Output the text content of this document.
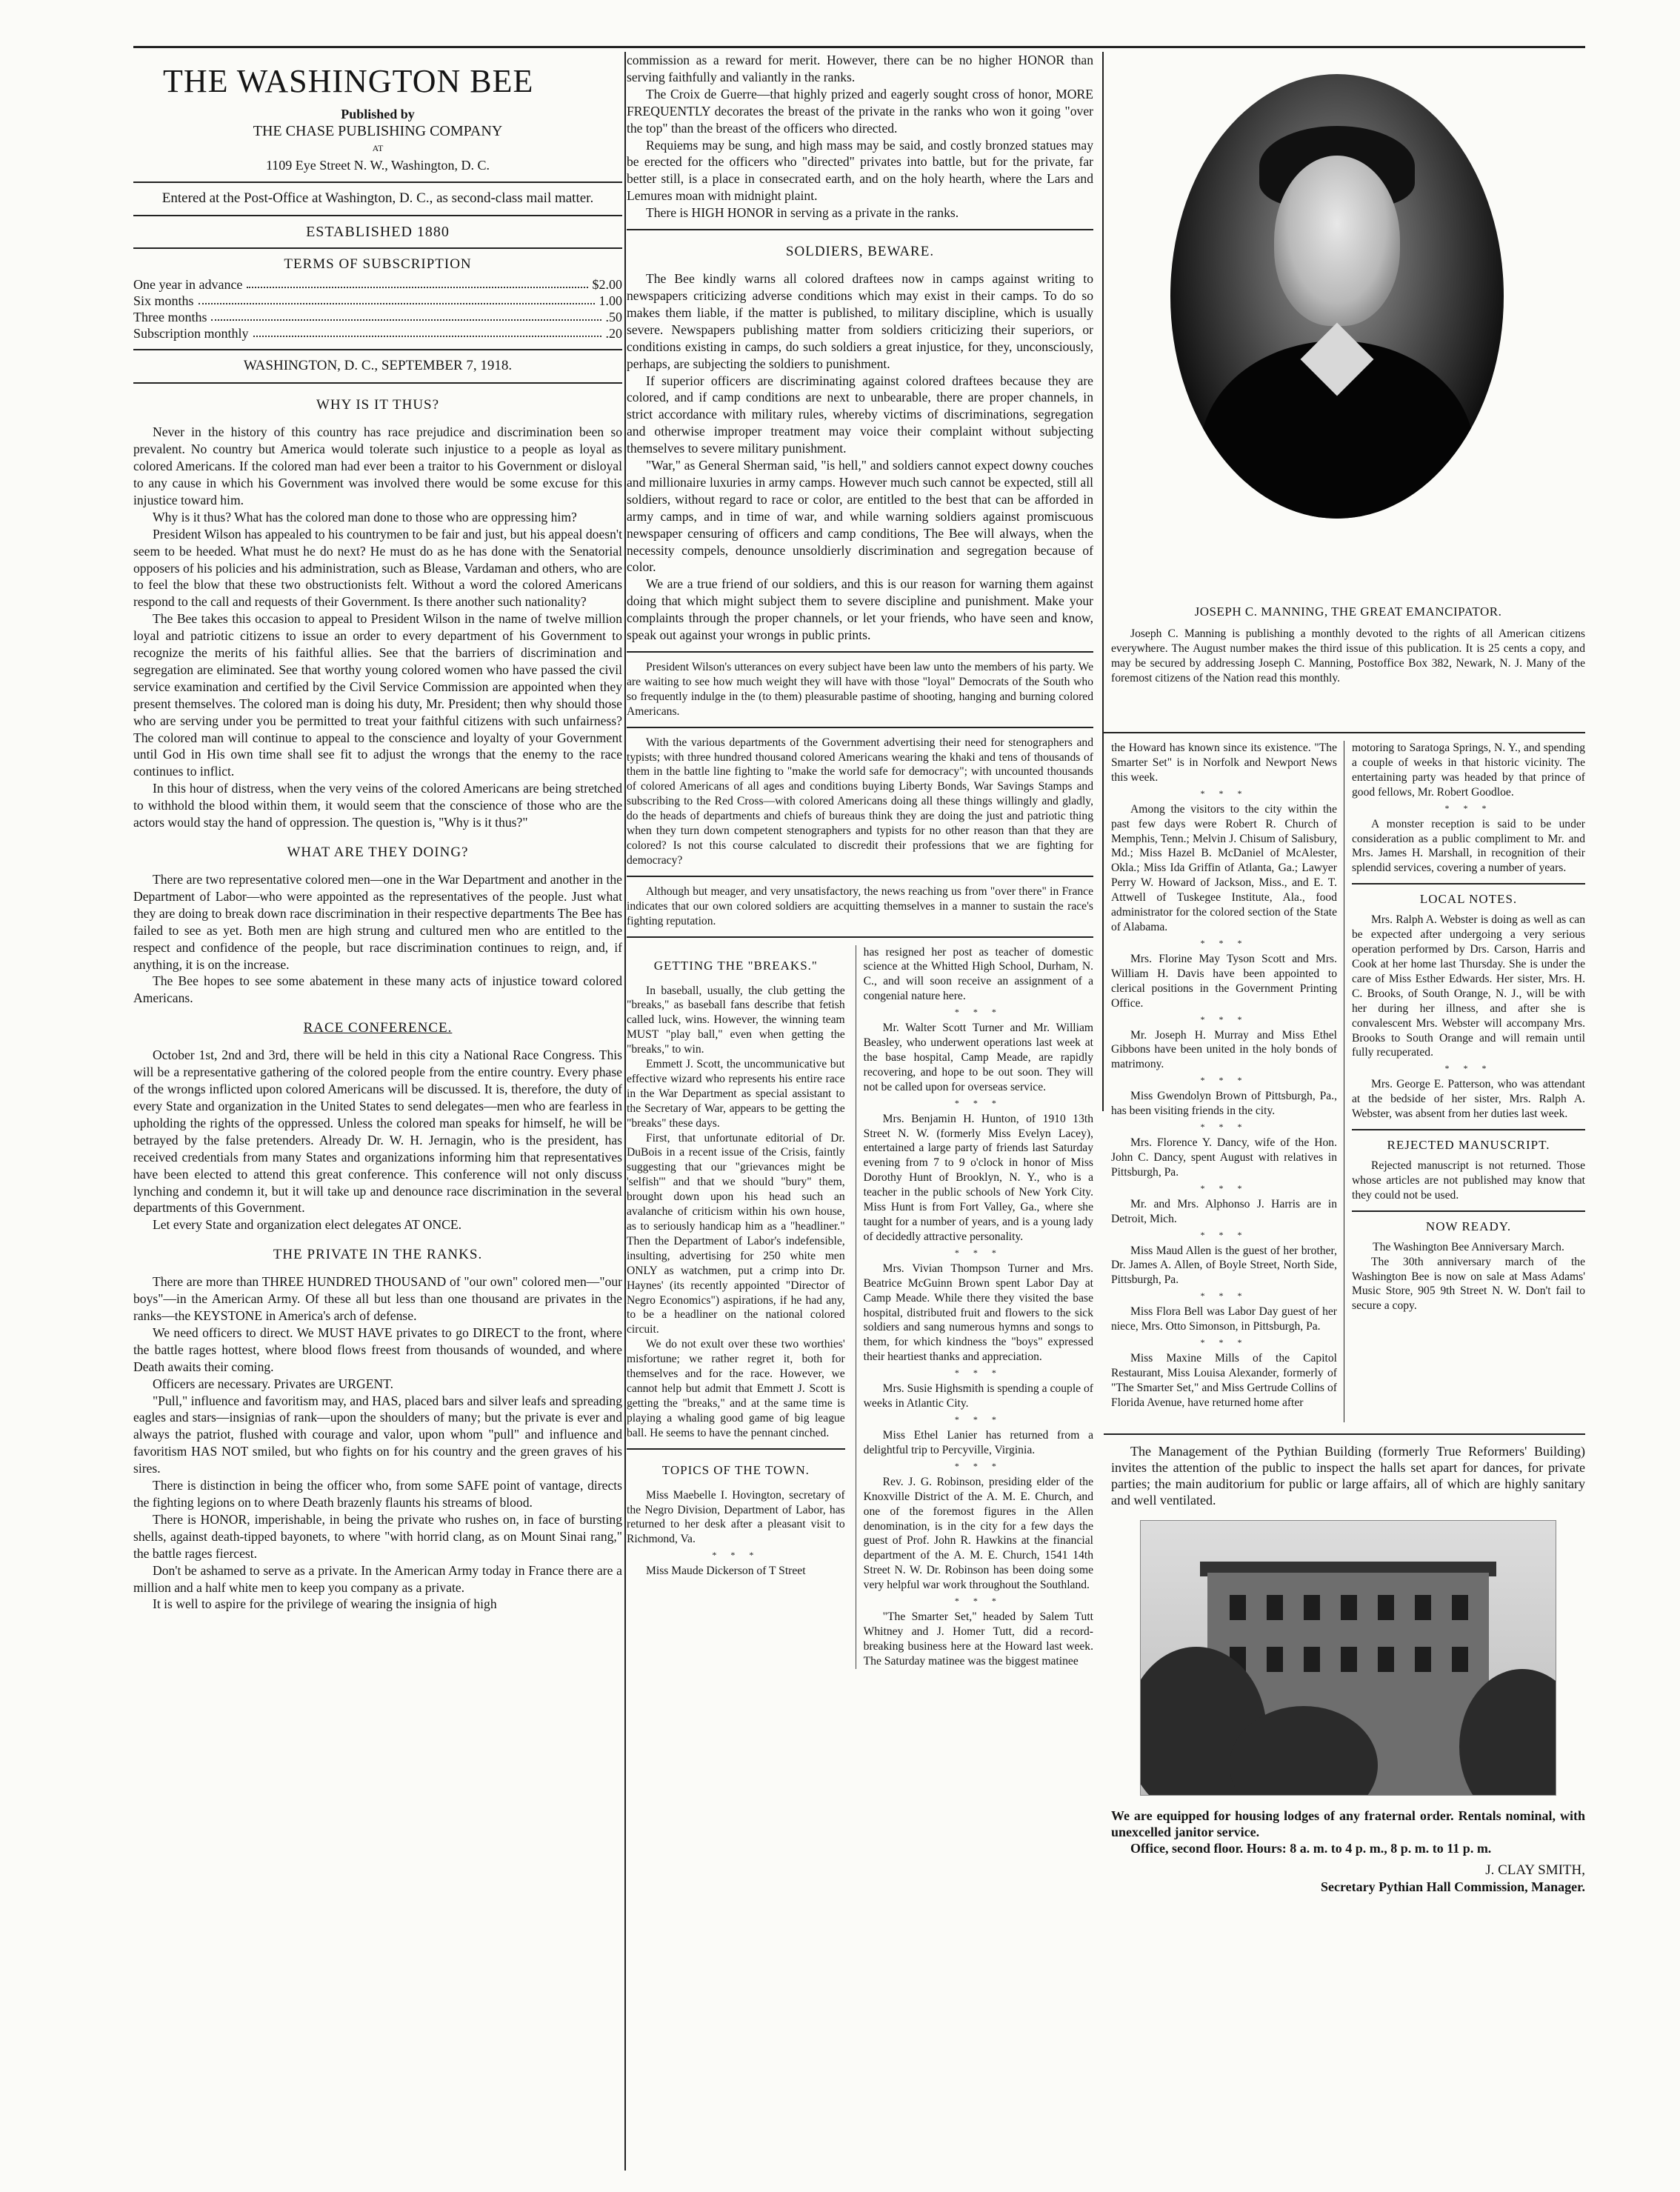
THE WASHINGTON BEE

Published by

THE CHASE PUBLISHING COMPANY

AT

1109 Eye Street N. W., Washington, D. C.

Entered at the Post-Office at Washington, D. C., as second-class mail matter.

ESTABLISHED 1880

TERMS OF SUBSCRIPTION

One year in advance	$2.00
Six months	1.00
Three months	.50
Subscription monthly	.20

WASHINGTON, D. C., SEPTEMBER 7, 1918.

WHY IS IT THUS?

Never in the history of this country has race prejudice and discrimination been so prevalent. No country but America would tolerate such injustice to a people as loyal as colored Americans. If the colored man had ever been a traitor to his Government or disloyal to any cause in which his Government was involved there would be some excuse for this injustice toward him.

Why is it thus? What has the colored man done to those who are oppressing him?

President Wilson has appealed to his countrymen to be fair and just, but his appeal doesn't seem to be heeded. What must he do next? He must do as he has done with the Senatorial opposers of his policies and his administration, such as Blease, Vardaman and others, who are to feel the blow that these two obstructionists felt. Without a word the colored Americans respond to the call and requests of their Government. Is there another such nationality?

The Bee takes this occasion to appeal to President Wilson in the name of twelve million loyal and patriotic citizens to issue an order to every department of his Government to recognize the merits of his faithful allies. See that the barriers of discrimination and segregation are eliminated. See that worthy young colored women who have passed the civil service examination and certified by the Civil Service Commission are appointed when they present themselves. The colored man is doing his duty, Mr. President; then why should those who are serving under you be permitted to treat your faithful citizens with such unfairness? The colored man will continue to appeal to the conscience and loyalty of your Government until God in His own time shall see fit to adjust the wrongs that the enemy to the race continues to inflict.

In this hour of distress, when the very veins of the colored Americans are being stretched to withhold the blood within them, it would seem that the conscience of those who are the actors would stay the hand of oppression. The question is, "Why is it thus?"

WHAT ARE THEY DOING?

There are two representative colored men—one in the War Department and another in the Department of Labor—who were appointed as the representatives of the people. Just what they are doing to break down race discrimination in their respective departments The Bee has failed to see as yet. Both men are high strung and cultured men who are entitled to the respect and confidence of the people, but race discrimination continues to reign, and, if anything, it is on the increase.

The Bee hopes to see some abatement in these many acts of injustice toward colored Americans.

RACE CONFERENCE.

October 1st, 2nd and 3rd, there will be held in this city a National Race Congress. This will be a representative gathering of the colored people from the entire country. Every phase of the wrongs inflicted upon colored Americans will be discussed. It is, therefore, the duty of every State and organization in the United States to send delegates—men who are fearless in upholding the rights of the oppressed. Unless the colored man speaks for himself, he will be betrayed by the false pretenders. Already Dr. W. H. Jernagin, who is the president, has received credentials from many States and organizations informing him that representatives have been elected to attend this great conference. This conference will not only discuss lynching and condemn it, but it will take up and denounce race discrimination in the several departments of this Government.

Let every State and organization elect delegates AT ONCE.

THE PRIVATE IN THE RANKS.

There are more than THREE HUNDRED THOUSAND of "our own" colored men—"our boys"—in the American Army. Of these all but less than one thousand are privates in the ranks—the KEYSTONE in America's arch of defense.

We need officers to direct. We MUST HAVE privates to go DIRECT to the front, where the battle rages hottest, where blood flows freest from thousands of wounded, and where Death awaits their coming.

Officers are necessary. Privates are URGENT.

"Pull," influence and favoritism may, and HAS, placed bars and silver leafs and spreading eagles and stars—insignias of rank—upon the shoulders of many; but the private is ever and always the patriot, flushed with courage and valor, upon whom "pull" and influence and favoritism HAS NOT smiled, but who fights on for his country and the green graves of his sires.

There is distinction in being the officer who, from some SAFE point of vantage, directs the fighting legions on to where Death brazenly flaunts his streams of blood.

There is HONOR, imperishable, in being the private who rushes on, in face of bursting shells, against death-tipped bayonets, to where "with horrid clang, as on Mount Sinai rang," the battle rages fiercest.

Don't be ashamed to serve as a private. In the American Army today in France there are a million and a half white men to keep you company as a private.

It is well to aspire for the privilege of wearing the insignia of high

commission as a reward for merit. However, there can be no higher HONOR than serving faithfully and valiantly in the ranks.

The Croix de Guerre—that highly prized and eagerly sought cross of honor, MORE FREQUENTLY decorates the breast of the private in the ranks who won it going "over the top" than the breast of the officers who directed.

Requiems may be sung, and high mass may be said, and costly bronzed statues may be erected for the officers who "directed" privates into battle, but for the private, far better still, is a place in consecrated earth, and on the holy hearth, where the Lars and Lemures moan with midnight plaint.

There is HIGH HONOR in serving as a private in the ranks.

SOLDIERS, BEWARE.

The Bee kindly warns all colored draftees now in camps against writing to newspapers criticizing adverse conditions which may exist in their camps. To do so makes them liable, if the matter is published, to military discipline, which is usually severe. Newspapers publishing matter from soldiers criticizing their superiors, or conditions existing in camps, do such soldiers a great injustice, for they, unconsciously, perhaps, are subjecting the soldiers to punishment.

If superior officers are discriminating against colored draftees because they are colored, and if camp conditions are next to unbearable, there are proper channels, in strict accordance with military rules, whereby victims of discriminations, segregation and otherwise improper treatment may voice their complaint without subjecting themselves to severe military punishment.

"War," as General Sherman said, "is hell," and soldiers cannot expect downy couches and millionaire luxuries in army camps. However much such cannot be expected, still all soldiers, without regard to race or color, are entitled to the best that can be afforded in army camps, and in time of war, and while warning soldiers against promiscuous newspaper censuring of officers and camp conditions, The Bee will always, when the necessity compels, denounce unsoldierly discrimination and segregation because of color.

We are a true friend of our soldiers, and this is our reason for warning them against doing that which might subject them to severe discipline and punishment. Make your complaints through the proper channels, or let your friends, who have seen and know, speak out against your wrongs in public prints.

President Wilson's utterances on every subject have been law unto the members of his party. We are waiting to see how much weight they will have with those "loyal" Democrats of the South who so frequently indulge in the (to them) pleasurable pastime of shooting, hanging and burning colored Americans.

With the various departments of the Government advertising their need for stenographers and typists; with three hundred thousand colored Americans wearing the khaki and tens of thousands of them in the battle line fighting to "make the world safe for democracy"; with uncounted thousands of colored Americans of all ages and conditions buying Liberty Bonds, War Savings Stamps and subscribing to the Red Cross—with colored Americans doing all these things willingly and gladly, do the heads of departments and chiefs of bureaus think they are doing the just and patriotic thing when they turn down competent stenographers and typists for no other reason than that they are colored? Is not this course calculated to discredit their professions that we are fighting for democracy?

Although but meager, and very unsatisfactory, the news reaching us from "over there" in France indicates that our own colored soldiers are acquitting themselves in a manner to sustain the race's fighting reputation.

GETTING THE "BREAKS."

In baseball, usually, the club getting the "breaks," as baseball fans describe that fetish called luck, wins. However, the winning team MUST "play ball," even when getting the "breaks," to win.

Emmett J. Scott, the uncommunicative but effective wizard who represents his entire race in the War Department as special assistant to the Secretary of War, appears to be getting the "breaks" these days.

First, that unfortunate editorial of Dr. DuBois in a recent issue of the Crisis, faintly suggesting that our "grievances might be 'selfish'" and that we should "bury" them, brought down upon his head such an avalanche of criticism within his own house, as to seriously handicap him as a "headliner." Then the Department of Labor's indefensible, insulting, advertising for 250 white men ONLY as watchmen, put a crimp into Dr. Haynes' (its recently appointed "Director of Negro Economics") aspirations, if he had any, to be a headliner on the national colored circuit.

We do not exult over these two worthies' misfortune; we rather regret it, both for themselves and for the race. However, we cannot help but admit that Emmett J. Scott is getting the "breaks," and at the same time is playing a whaling good game of big league ball. He seems to have the pennant cinched.

TOPICS OF THE TOWN.

Miss Maebelle I. Hovington, secretary of the Negro Division, Department of Labor, has returned to her desk after a pleasant visit to Richmond, Va.

* * *

Miss Maude Dickerson of T Street

has resigned her post as teacher of domestic science at the Whitted High School, Durham, N. C., and will soon receive an assignment of a congenial nature here.

* * *

Mr. Walter Scott Turner and Mr. William Beasley, who underwent operations last week at the base hospital, Camp Meade, are rapidly recovering, and hope to be out soon. They will not be called upon for overseas service.

* * *

Mrs. Benjamin H. Hunton, of 1910 13th Street N. W. (formerly Miss Evelyn Lacey), entertained a large party of friends last Saturday evening from 7 to 9 o'clock in honor of Miss Dorothy Hunt of Brooklyn, N. Y., who is a teacher in the public schools of New York City. Miss Hunt is from Fort Valley, Ga., where she taught for a number of years, and is a young lady of decidedly attractive personality.

* * *

Mrs. Vivian Thompson Turner and Mrs. Beatrice McGuinn Brown spent Labor Day at Camp Meade. While there they visited the base hospital, distributed fruit and flowers to the sick soldiers and sang numerous hymns and songs to them, for which kindness the "boys" expressed their heartiest thanks and appreciation.

* * *

Mrs. Susie Highsmith is spending a couple of weeks in Atlantic City.

* * *

Miss Ethel Lanier has returned from a delightful trip to Percyville, Virginia.

* * *

Rev. J. G. Robinson, presiding elder of the Knoxville District of the A. M. E. Church, and one of the foremost figures in the Allen denomination, is in the city for a few days the guest of Prof. John R. Hawkins at the financial department of the A. M. E. Church, 1541 14th Street N. W. Dr. Robinson has been doing some very helpful war work throughout the Southland.

* * *

"The Smarter Set," headed by Salem Tutt Whitney and J. Homer Tutt, did a record-breaking business here at the Howard last week. The Saturday matinee was the biggest matinee

JOSEPH C. MANNING, THE GREAT EMANCIPATOR.

Joseph C. Manning is publishing a monthly devoted to the rights of all American citizens everywhere. The August number makes the third issue of this publication. It is 25 cents a copy, and may be secured by addressing Joseph C. Manning, Postoffice Box 382, Newark, N. J. Many of the foremost citizens of the Nation read this monthly.

the Howard has known since its existence. "The Smarter Set" is in Norfolk and Newport News this week.

* * *

Among the visitors to the city within the past few days were Robert R. Church of Memphis, Tenn.; Melvin J. Chisum of Salisbury, Md.; Miss Hazel B. McDaniel of McAlester, Okla.; Miss Ida Griffin of Atlanta, Ga.; Lawyer Perry W. Howard of Jackson, Miss., and E. T. Attwell of Tuskegee Institute, Ala., food administrator for the colored section of the State of Alabama.

* * *

Mrs. Florine May Tyson Scott and Mrs. William H. Davis have been appointed to clerical positions in the Government Printing Office.

* * *

Mr. Joseph H. Murray and Miss Ethel Gibbons have been united in the holy bonds of matrimony.

* * *

Miss Gwendolyn Brown of Pittsburgh, Pa., has been visiting friends in the city.

* * *

Mrs. Florence Y. Dancy, wife of the Hon. John C. Dancy, spent August with relatives in Pittsburgh, Pa.

* * *

Mr. and Mrs. Alphonso J. Harris are in Detroit, Mich.

* * *

Miss Maud Allen is the guest of her brother, Dr. James A. Allen, of Boyle Street, North Side, Pittsburgh, Pa.

* * *

Miss Flora Bell was Labor Day guest of her niece, Mrs. Otto Simonson, in Pittsburgh, Pa.

* * *

Miss Maxine Mills of the Capitol Restaurant, Miss Louisa Alexander, formerly of "The Smarter Set," and Miss Gertrude Collins of Florida Avenue, have returned home after

motoring to Saratoga Springs, N. Y., and spending a couple of weeks in that historic vicinity. The entertaining party was headed by that prince of good fellows, Mr. Robert Goodloe.

* * *

A monster reception is said to be under consideration as a public compliment to Mr. and Mrs. James H. Marshall, in recognition of their splendid services, covering a number of years.

LOCAL NOTES.

Mrs. Ralph A. Webster is doing as well as can be expected after undergoing a very serious operation performed by Drs. Carson, Harris and Cook at her home last Thursday. She is under the care of Miss Esther Edwards. Her sister, Mrs. H. C. Brooks, of South Orange, N. J., will be with her during her illness, and after she is convalescent Mrs. Webster will accompany Mrs. Brooks to South Orange and will remain until fully recuperated.

* * *

Mrs. George E. Patterson, who was attendant at the bedside of her sister, Mrs. Ralph A. Webster, was absent from her duties last week.

REJECTED MANUSCRIPT.

Rejected manuscript is not returned. Those whose articles are not published may know that they could not be used.

NOW READY.

The Washington Bee Anniversary March.

The 30th anniversary march of the Washington Bee is now on sale at Mass Adams' Music Store, 905 9th Street N. W. Don't fail to secure a copy.

The Management of the Pythian Building (formerly True Reformers' Building) invites the attention of the public to inspect the halls set apart for dances, for private parties; the main auditorium for public or large affairs, all of which are highly sanitary and well ventilated.

We are equipped for housing lodges of any fraternal order. Rentals nominal, with unexcelled janitor service.

Office, second floor. Hours: 8 a. m. to 4 p. m., 8 p. m. to 11 p. m.

J. CLAY SMITH,

Secretary Pythian Hall Commission, Manager.
